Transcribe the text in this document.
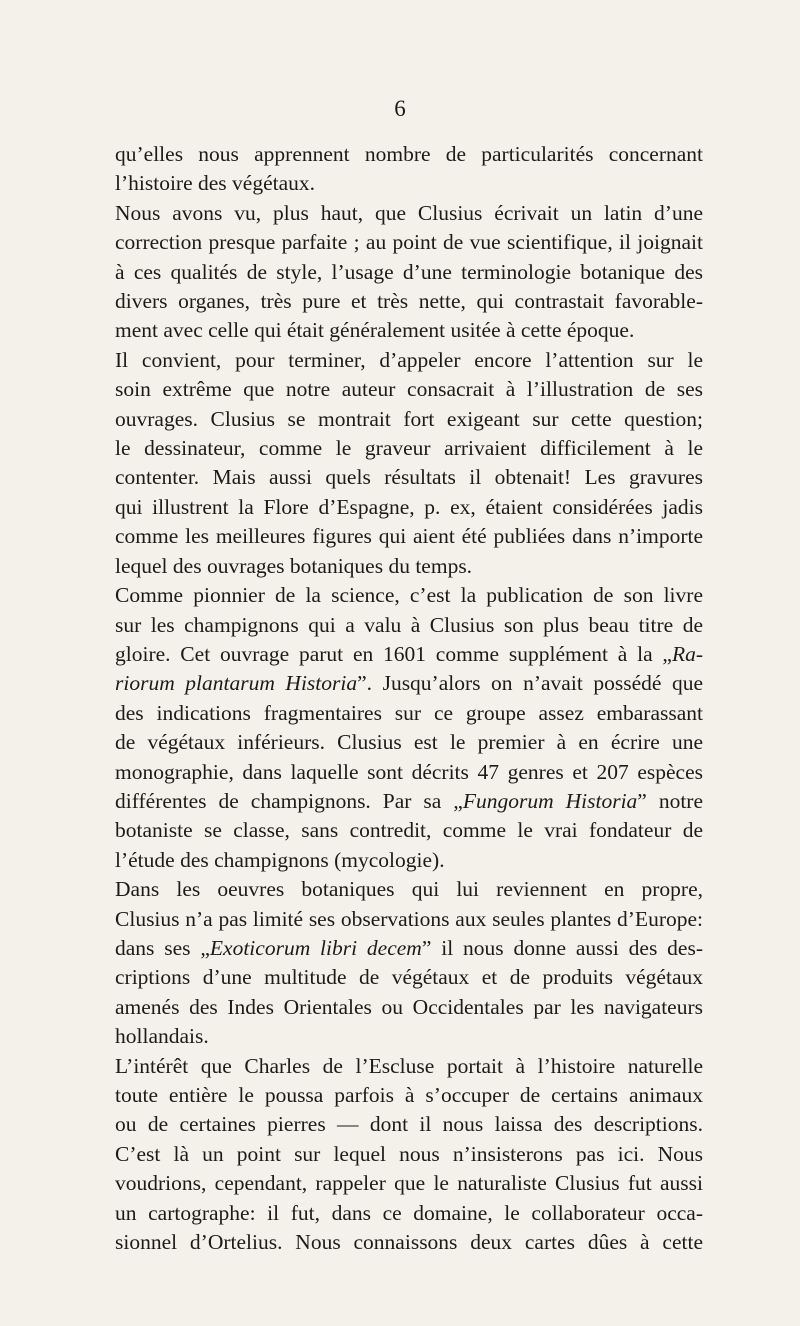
6
qu’elles nous apprennent nombre de particularités concernant
l’histoire des végétaux.
Nous avons vu, plus haut, que Clusius écrivait un latin d’une
correction presque parfaite ; au point de vue scientifique, il joignait
à ces qualités de style, l’usage d’une terminologie botanique des
divers organes, très pure et très nette, qui contrastait favorable-
ment avec celle qui était généralement usitée à cette époque.
Il convient, pour terminer, d’appeler encore l’attention sur le
soin extrême que notre auteur consacrait à l’illustration de ses
ouvrages. Clusius se montrait fort exigeant sur cette question;
le dessinateur, comme le graveur arrivaient difficilement à le
contenter. Mais aussi quels résultats il obtenait! Les gravures
qui illustrent la Flore d’Espagne, p. ex, étaient considérées jadis
comme les meilleures figures qui aient été publiées dans n’importe
lequel des ouvrages botaniques du temps.
Comme pionnier de la science, c’est la publication de son livre
sur les champignons qui a valu à Clusius son plus beau titre de
gloire. Cet ouvrage parut en 1601 comme supplément à la „Ra-
riorum plantarum Historia”. Jusqu’alors on n’avait possédé que
des indications fragmentaires sur ce groupe assez embarassant
de végétaux inférieurs. Clusius est le premier à en écrire une
monographie, dans laquelle sont décrits 47 genres et 207 espèces
différentes de champignons. Par sa „Fungorum Historia” notre
botaniste se classe, sans contredit, comme le vrai fondateur de
l’étude des champignons (mycologie).
Dans les oeuvres botaniques qui lui reviennent en propre,
Clusius n’a pas limité ses observations aux seules plantes d’Europe:
dans ses „Exoticorum libri decem” il nous donne aussi des des-
criptions d’une multitude de végétaux et de produits végétaux
amenés des Indes Orientales ou Occidentales par les navigateurs
hollandais.
L’intérêt que Charles de l’Escluse portait à l’histoire naturelle
toute entière le poussa parfois à s’occuper de certains animaux
ou de certaines pierres — dont il nous laissa des descriptions.
C’est là un point sur lequel nous n’insisterons pas ici. Nous
voudrions, cependant, rappeler que le naturaliste Clusius fut aussi
un cartographe: il fut, dans ce domaine, le collaborateur occa-
sionnel d’Ortelius. Nous connaissons deux cartes dûes à cette
